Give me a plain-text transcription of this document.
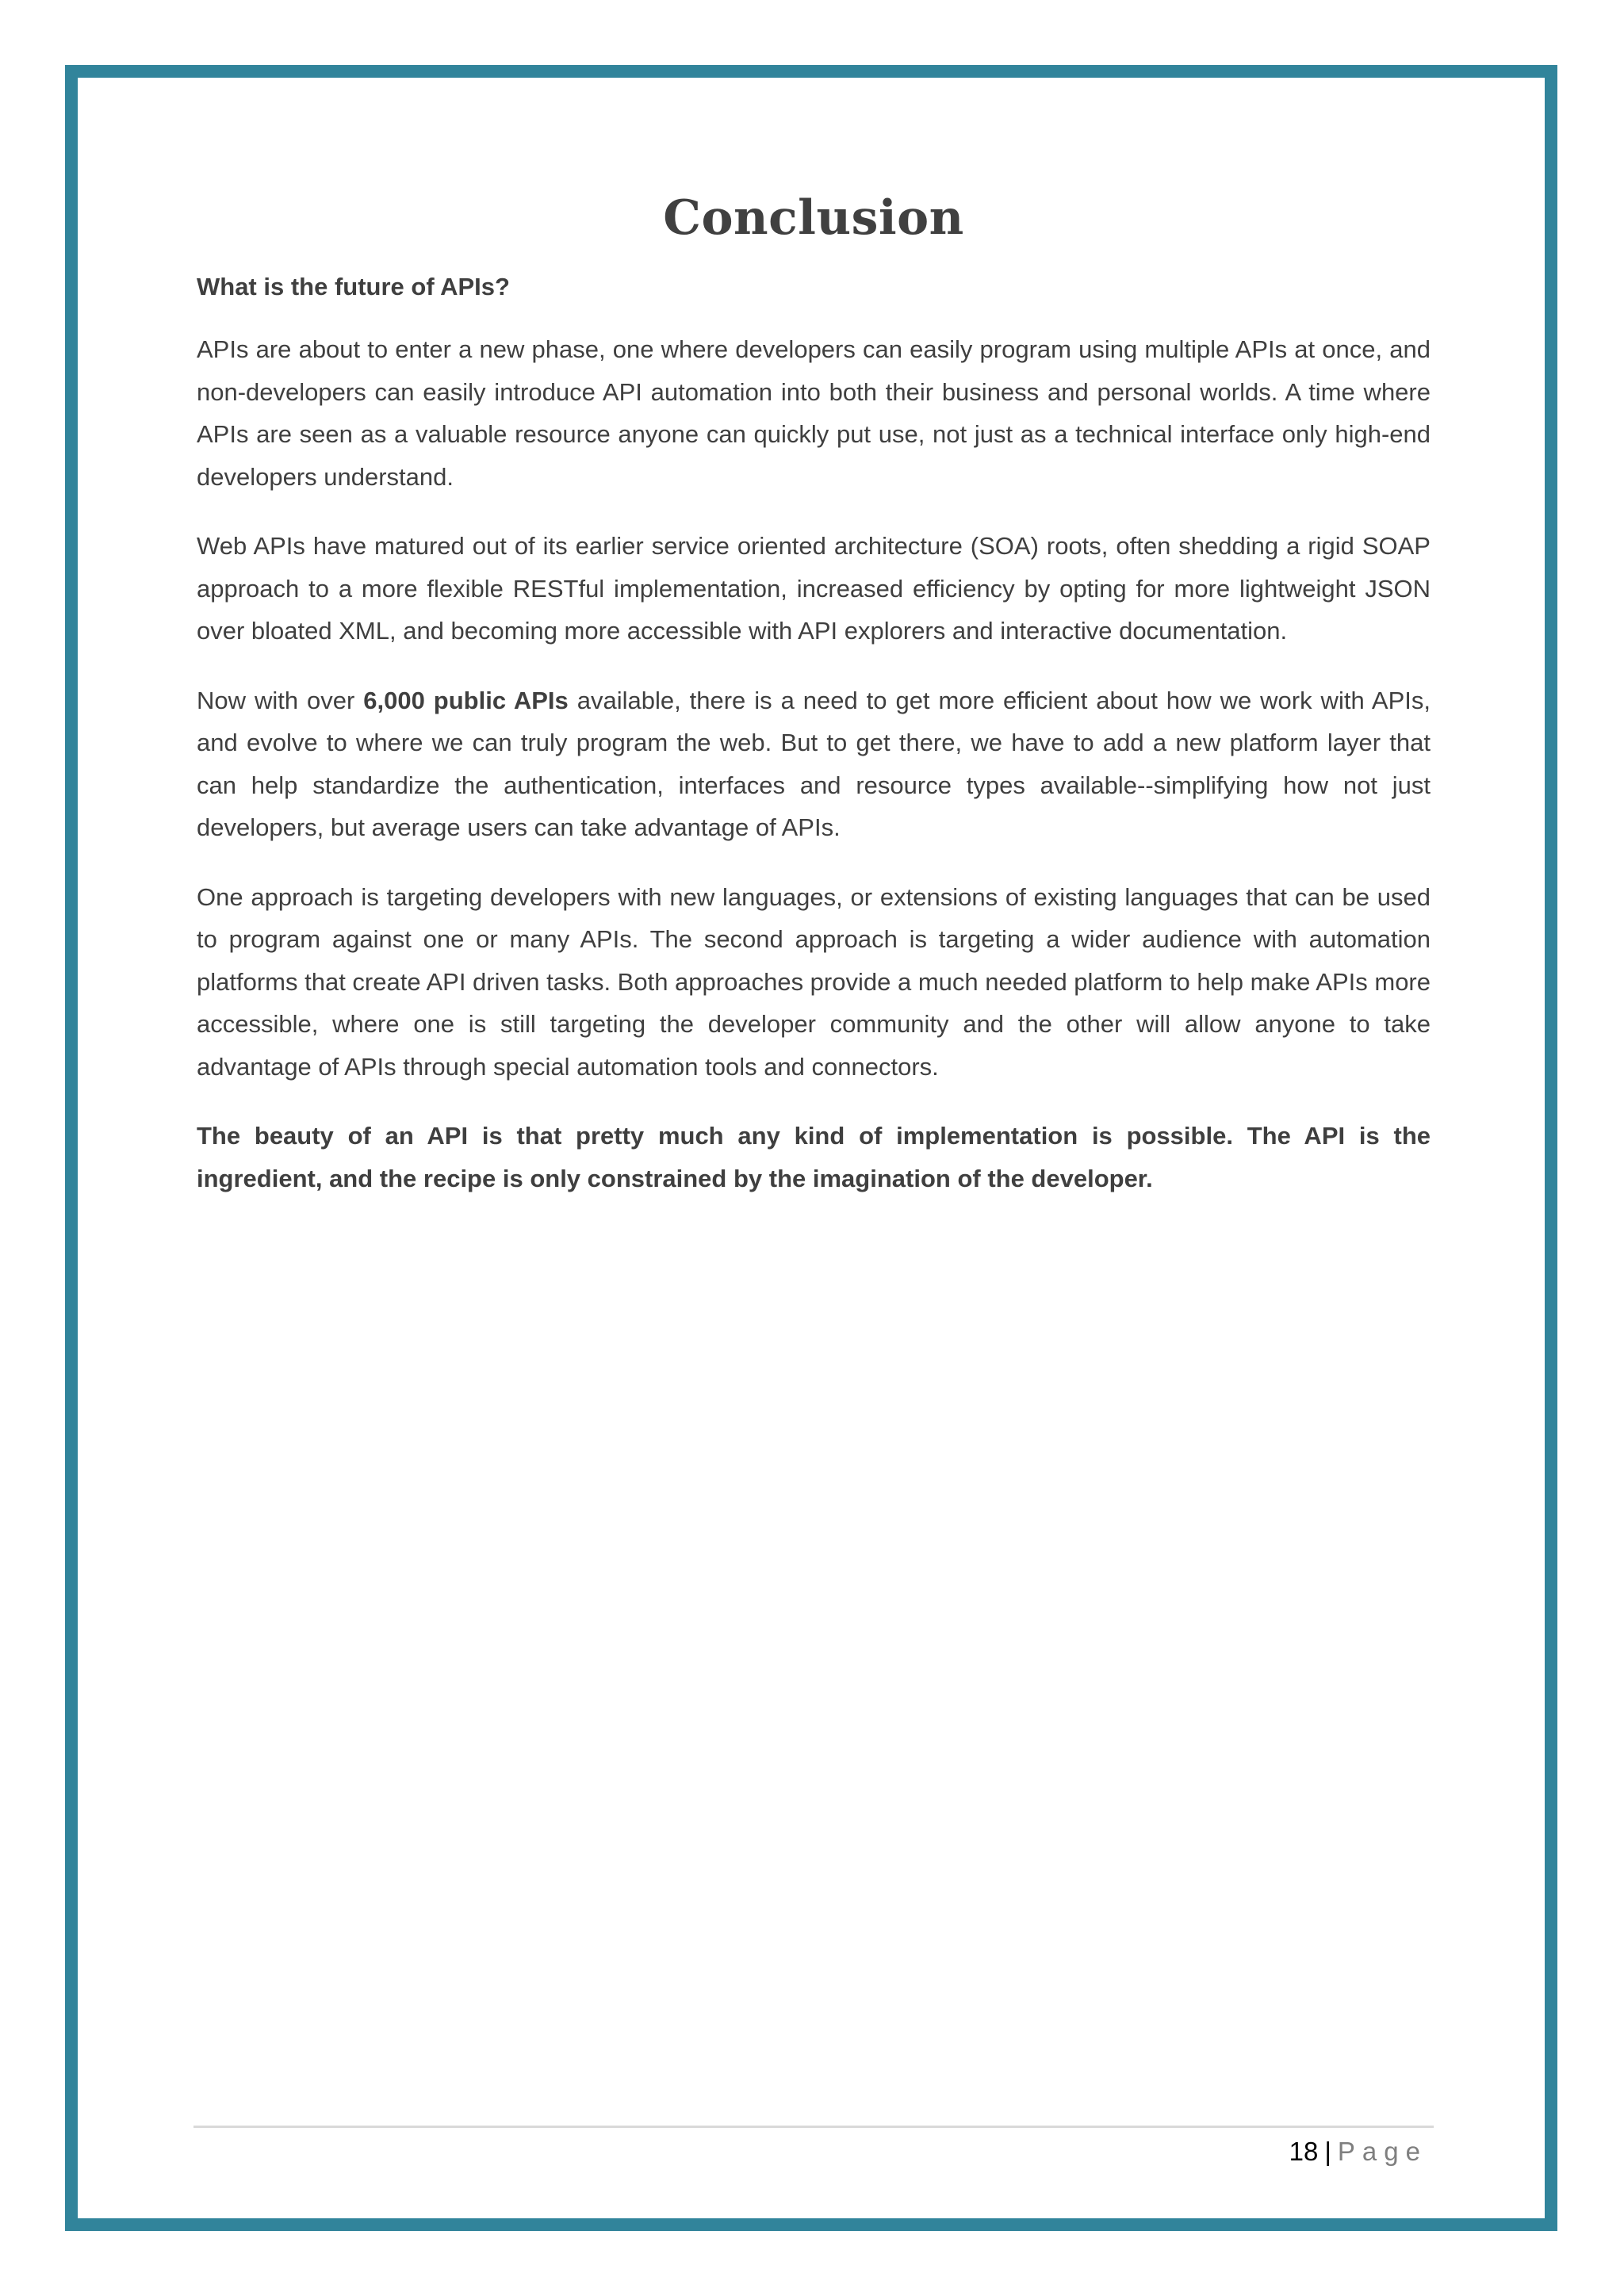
Conclusion
What is the future of APIs?

APIs are about to enter a new phase, one where developers can easily program using multiple APIs at once, and non-developers can easily introduce API automation into both their business and personal worlds. A time where APIs are seen as a valuable resource anyone can quickly put use, not just as a technical interface only high-end developers understand.

Web APIs have matured out of its earlier service oriented architecture (SOA) roots, often shedding a rigid SOAP approach to a more flexible RESTful implementation, increased efficiency by opting for more lightweight JSON over bloated XML, and becoming more accessible with API explorers and interactive documentation.

Now with over 6,000 public APIs available, there is a need to get more efficient about how we work with APIs, and evolve to where we can truly program the web. But to get there, we have to add a new platform layer that can help standardize the authentication, interfaces and resource types available--simplifying how not just developers, but average users can take advantage of APIs.

One approach is targeting developers with new languages, or extensions of existing languages that can be used to program against one or many APIs. The second approach is targeting a wider audience with automation platforms that create API driven tasks. Both approaches provide a much needed platform to help make APIs more accessible, where one is still targeting the developer community and the other will allow anyone to take advantage of APIs through special automation tools and connectors.

The beauty of an API is that pretty much any kind of implementation is possible. The API is the ingredient, and the recipe is only constrained by the imagination of the developer.

18 | Page
